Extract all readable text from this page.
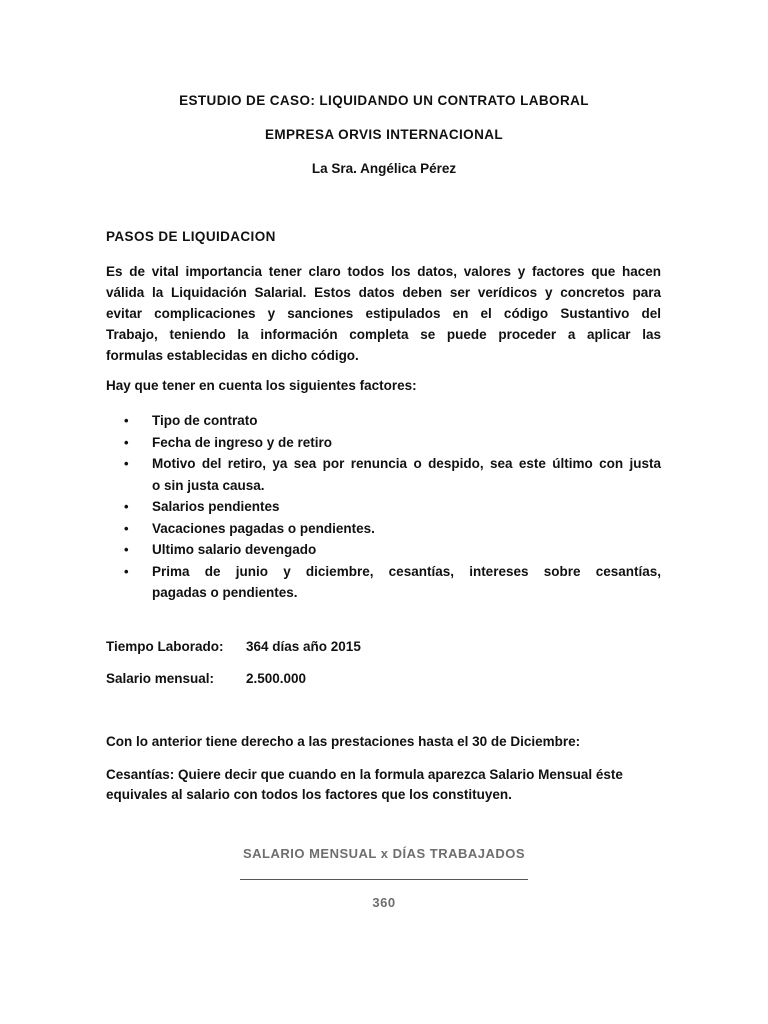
ESTUDIO DE CASO: LIQUIDANDO UN CONTRATO LABORAL
EMPRESA ORVIS INTERNACIONAL
La Sra. Angélica Pérez
PASOS DE LIQUIDACION
Es de vital importancia tener claro todos los datos, valores y factores que hacen
válida la Liquidación Salarial. Estos datos deben ser verídicos y concretos para
evitar complicaciones y sanciones estipulados en el código Sustantivo del
Trabajo, teniendo la información completa se puede proceder a aplicar las
formulas establecidas en dicho código.
Hay que tener en cuenta los siguientes factores:
• Tipo de contrato
• Fecha de ingreso y de retiro
• Motivo del retiro, ya sea por renuncia o despido, sea este último con justa
o sin justa causa.
• Salarios pendientes
• Vacaciones pagadas o pendientes.
• Ultimo salario devengado
• Prima de junio y diciembre, cesantías, intereses sobre cesantías,
pagadas o pendientes.
Tiempo Laborado: 364 días año 2015
Salario mensual: 2.500.000
Con lo anterior tiene derecho a las prestaciones hasta el 30 de Diciembre:
Cesantías: Quiere decir que cuando en la formula aparezca Salario Mensual éste
equivales al salario con todos los factores que los constituyen.
SALARIO MENSUAL x DÍAS TRABAJADOS
360
